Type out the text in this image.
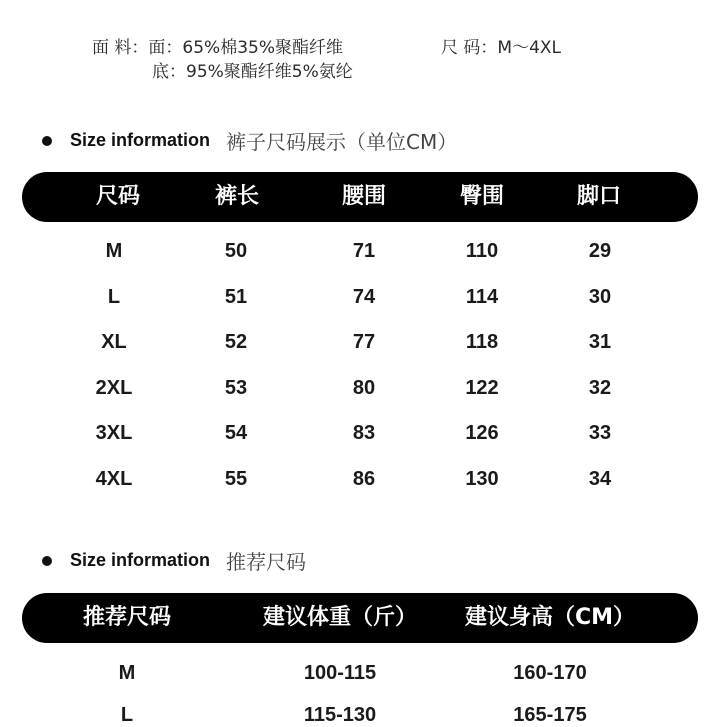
面 料：面：65%棉35%聚酯纤维
底：95%聚酯纤维5%氨纶
尺 码：M～4XL
Size information 裤子尺码展示（单位CM）
尺码	裤长	腰围	臀围	脚口
M	50	71	110	29
L	51	74	114	30
XL	52	77	118	31
2XL	53	80	122	32
3XL	54	83	126	33
4XL	55	86	130	34
Size information 推荐尺码
推荐尺码	建议体重（斤） 建议身高（CM）
M	100-115	160-170
L	115-130	165-175
